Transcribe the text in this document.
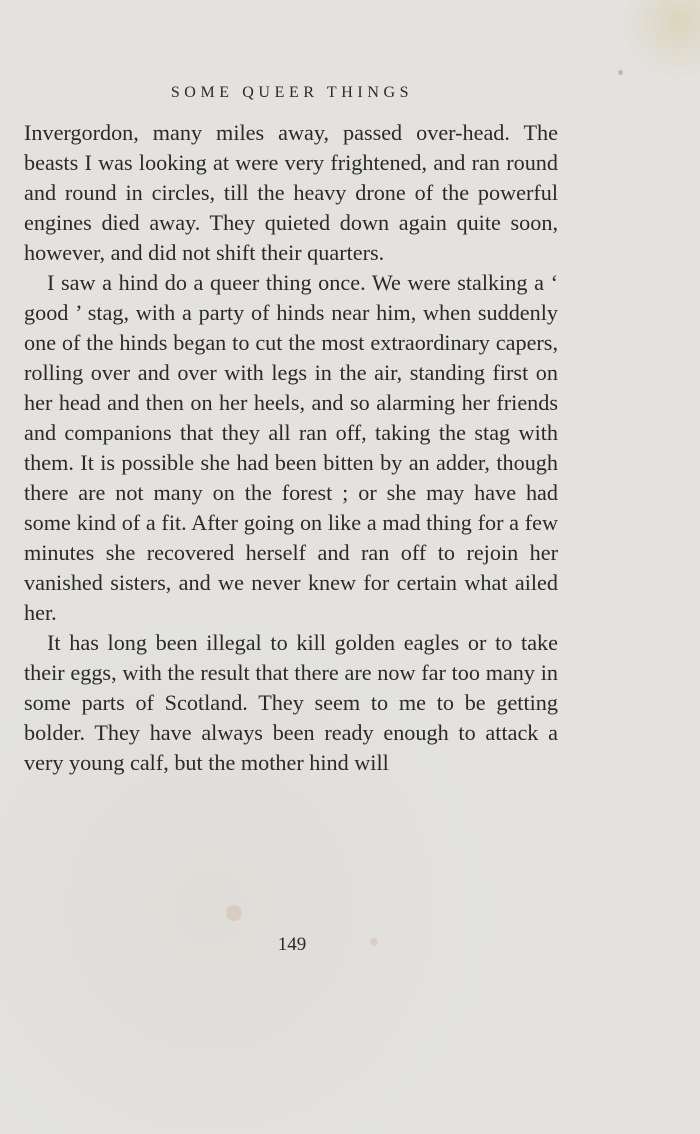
SOME QUEER THINGS

Invergordon, many miles away, passed over-head. The beasts I was looking at were very frightened, and ran round and round in circles, till the heavy drone of the powerful engines died away. They quieted down again quite soon, however, and did not shift their quarters.

I saw a hind do a queer thing once. We were stalking a ‘ good ’ stag, with a party of hinds near him, when suddenly one of the hinds began to cut the most extraordinary capers, rolling over and over with legs in the air, standing first on her head and then on her heels, and so alarming her friends and companions that they all ran off, taking the stag with them. It is possible she had been bitten by an adder, though there are not many on the forest ; or she may have had some kind of a fit. After going on like a mad thing for a few minutes she recovered herself and ran off to rejoin her vanished sisters, and we never knew for certain what ailed her.

It has long been illegal to kill golden eagles or to take their eggs, with the result that there are now far too many in some parts of Scotland. They seem to me to be getting bolder. They have always been ready enough to attack a very young calf, but the mother hind will

149
